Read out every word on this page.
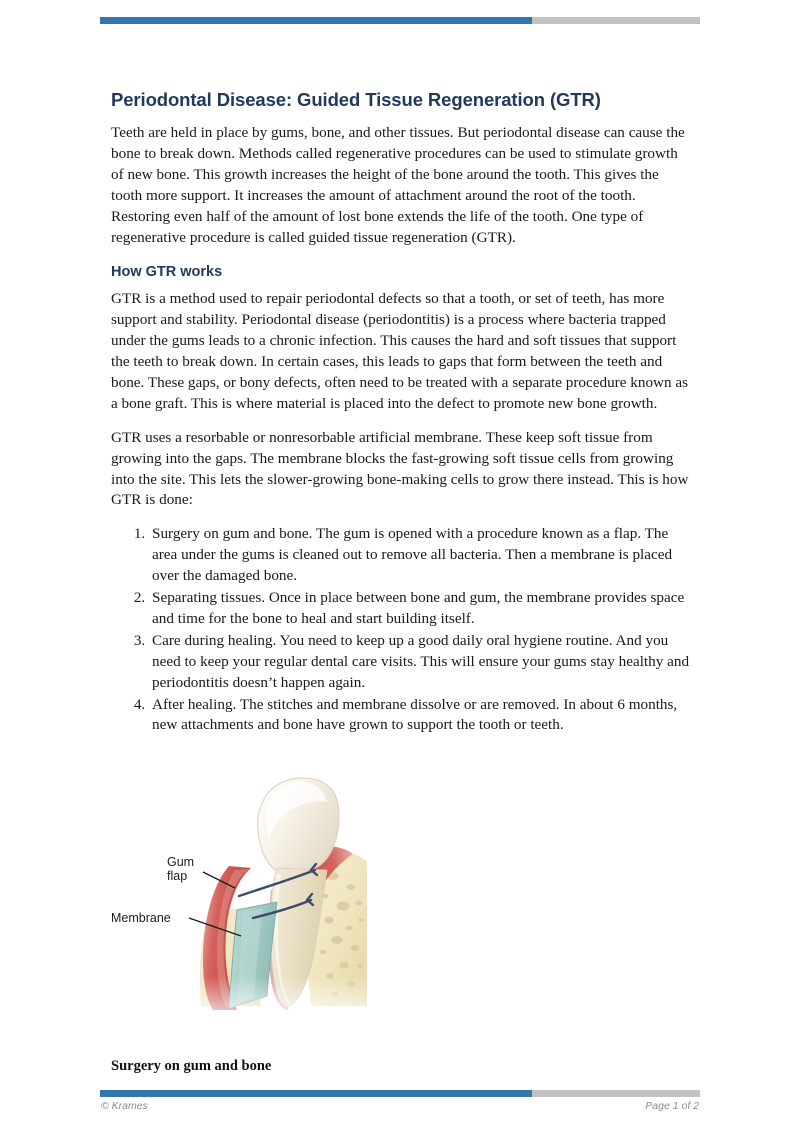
Periodontal Disease: Guided Tissue Regeneration (GTR)

Teeth are held in place by gums, bone, and other tissues. But periodontal disease can cause the bone to break down. Methods called regenerative procedures can be used to stimulate growth of new bone. This growth increases the height of the bone around the tooth. This gives the tooth more support. It increases the amount of attachment around the root of the tooth. Restoring even half of the amount of lost bone extends the life of the tooth. One type of regenerative procedure is called guided tissue regeneration (GTR).

How GTR works

GTR is a method used to repair periodontal defects so that a tooth, or set of teeth, has more support and stability. Periodontal disease (periodontitis) is a process where bacteria trapped under the gums leads to a chronic infection. This causes the hard and soft tissues that support the teeth to break down. In certain cases, this leads to gaps that form between the teeth and bone. These gaps, or bony defects, often need to be treated with a separate procedure known as a bone graft. This is where material is placed into the defect to promote new bone growth.

GTR uses a resorbable or nonresorbable artificial membrane. These keep soft tissue from growing into the gaps. The membrane blocks the fast-growing soft tissue cells from growing into the site. This lets the slower-growing bone-making cells to grow there instead. This is how GTR is done:

1. Surgery on gum and bone. The gum is opened with a procedure known as a flap. The area under the gums is cleaned out to remove all bacteria. Then a membrane is placed over the damaged bone.
2. Separating tissues. Once in place between bone and gum, the membrane provides space and time for the bone to heal and start building itself.
3. Care during healing. You need to keep up a good daily oral hygiene routine. And you need to keep your regular dental care visits. This will ensure your gums stay healthy and periodontitis doesn’t happen again.
4. After healing. The stitches and membrane dissolve or are removed. In about 6 months, new attachments and bone have grown to support the tooth or teeth.
Gum
flap
Membrane
Surgery on gum and bone
© Krames	Page 1 of 2
